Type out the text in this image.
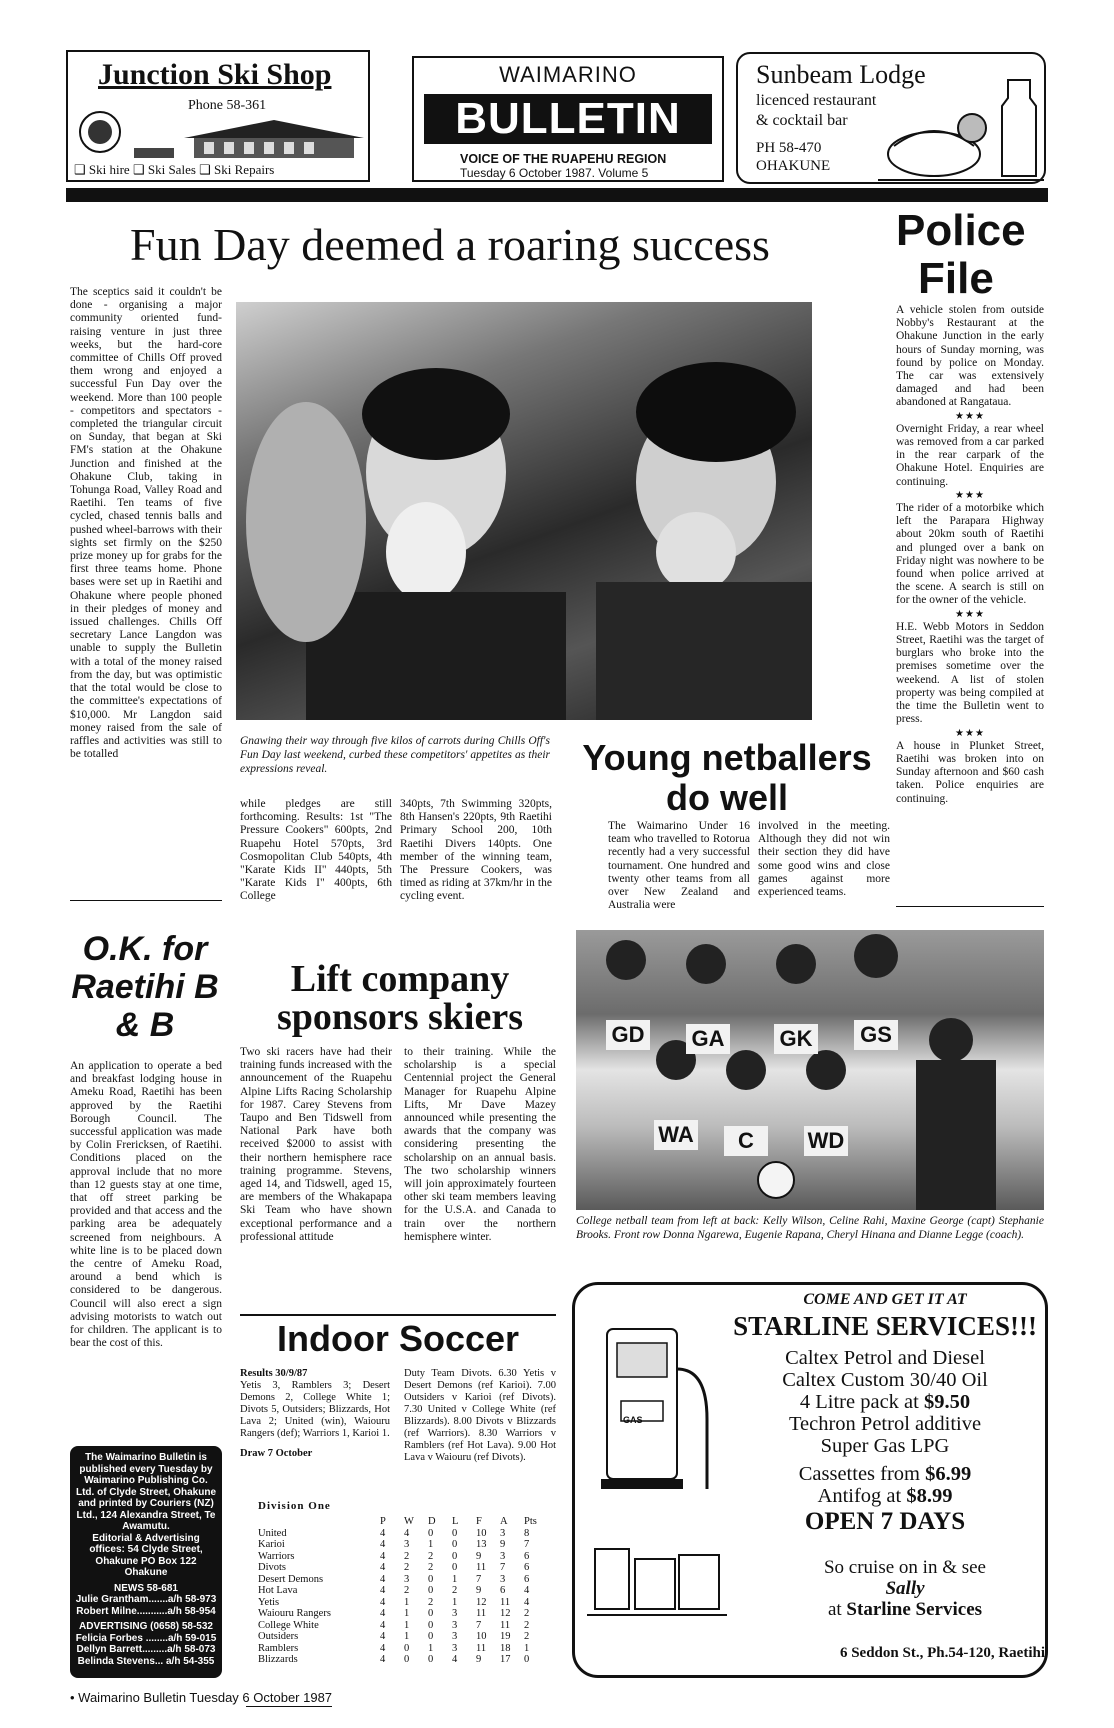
Junction Ski Shop
Phone 58-361
❑ Ski hire ❑ Ski Sales ❑ Ski Repairs
WAIMARINO
BULLETIN
VOICE OF THE RUAPEHU REGION
Tuesday 6 October 1987. Volume 5
Sunbeam Lodge
licenced restaurant
& cocktail bar
PH 58-470
OHAKUNE
Fun Day deemed a roaring success

The sceptics said it couldn't be done - organising a major community oriented fund-raising venture in just three weeks, but the hard-core committee of Chills Off proved them wrong and enjoyed a successful Fun Day over the weekend. More than 100 people - competitors and spectators - completed the triangular circuit on Sunday, that began at Ski FM's station at the Ohakune Junction and finished at the Ohakune Club, taking in Tohunga Road, Valley Road and Raetihi. Ten teams of five cycled, chased tennis balls and pushed wheel-barrows with their sights set firmly on the $250 prize money up for grabs for the first three teams home. Phone bases were set up in Raetihi and Ohakune where people phoned in their pledges of money and issued challenges. Chills Off secretary Lance Langdon was unable to supply the Bulletin with a total of the money raised from the day, but was optimistic that the total would be close to the committee's expectations of $10,000. Mr Langdon said money raised from the sale of raffles and activities was still to be totalled

Gnawing their way through five kilos of carrots during Chills Off's Fun Day last weekend, curbed these competitors' appetites as their expressions reveal.

while pledges are still forthcoming. Results: 1st "The Pressure Cookers" 600pts, 2nd Ruapehu Hotel 570pts, 3rd Cosmopolitan Club 540pts, 4th "Karate Kids II" 440pts, 5th "Karate Kids I" 400pts, 6th College

340pts, 7th Swimming 320pts, 8th Hansen's 220pts, 9th Raetihi Primary School 200, 10th Raetihi Divers 140pts. One member of the winning team, The Pressure Cookers, was timed as riding at 37km/hr in the cycling event.

Police
File

A vehicle stolen from outside Nobby's Restaurant at the Ohakune Junction in the early hours of Sunday morning, was found by police on Monday. The car was extensively damaged and had been abandoned at Rangataua.

★★★

Overnight Friday, a rear wheel was removed from a car parked in the rear carpark of the Ohakune Hotel. Enquiries are continuing.

★★★

The rider of a motorbike which left the Parapara Highway about 20km south of Raetihi and plunged over a bank on Friday night was nowhere to be found when police arrived at the scene. A search is still on for the owner of the vehicle.

★★★

H.E. Webb Motors in Seddon Street, Raetihi was the target of burglars who broke into the premises sometime over the weekend. A list of stolen property was being compiled at the time the Bulletin went to press.

★★★

A house in Plunket Street, Raetihi was broken into on Sunday afternoon and $60 cash taken. Police enquiries are continuing.

Young netballers do well

The Waimarino Under 16 team who travelled to Rotorua recently had a very successful tournament. One hundred and twenty other teams from all over New Zealand and Australia were

involved in the meeting. Although they did not win their section they did have some good wins and close games against more experienced teams.

GD GA	GK GS
WA	C	WD
College netball team from left at back: Kelly Wilson, Celine Rahi, Maxine George (capt) Stephanie Brooks. Front row Donna Ngarewa, Eugenie Rapana, Cheryl Hinana and Dianne Legge (coach).
O.K. for Raetihi B & B

An application to operate a bed and breakfast lodging house in Ameku Road, Raetihi has been approved by the Raetihi Borough Council. The successful application was made by Colin Frericksen, of Raetihi. Conditions placed on the approval include that no more than 12 guests stay at one time, that off street parking be provided and that access and the parking area be adequately screened from neighbours. A white line is to be placed down the centre of Ameku Road, around a bend which is considered to be dangerous. Council will also erect a sign advising motorists to watch out for children. The applicant is to bear the cost of this.

The Waimarino Bulletin is published every Tuesday by Waimarino Publishing Co. Ltd. of Clyde Street, Ohakune and printed by Couriers (NZ) Ltd., 124 Alexandra Street, Te Awamutu.
Editorial & Advertising offices: 54 Clyde Street, Ohakune PO Box 122 Ohakune
NEWS 58-681
Julie Grantham.......a/h 58-973
Robert Milne...........a/h 58-954
ADVERTISING (0658) 58-532
Felicia Forbes ........a/h 59-015
Dellyn Barrett.........a/h 58-073
Belinda Stevens... a/h 54-355
Lift company sponsors skiers

Two ski racers have had their training funds increased with the announcement of the Ruapehu Alpine Lifts Racing Scholarship for 1987. Carey Stevens from Taupo and Ben Tidswell from National Park have both received $2000 to assist with their northern hemisphere race training programme. Stevens, aged 14, and Tidswell, aged 15, are members of the Whakapapa Ski Team who have shown exceptional performance and a professional attitude

to their training. While the scholarship is a special Centennial project the General Manager for Ruapehu Alpine Lifts, Mr Dave Mazey announced while presenting the awards that the company was considering presenting the scholarship on an annual basis. The two scholarship winners will join approximately fourteen other ski team members leaving for the U.S.A. and Canada to train over the northern hemisphere winter.

Indoor Soccer
Results 30/9/87
Yetis 3, Ramblers 3; Desert Demons 2, College White 1; Divots 5, Outsiders; Blizzards, Hot Lava 2; United (win), Waiouru Rangers (def); Warriors 1, Karioi 1.
Draw 7 October
Duty Team Divots. 6.30 Yetis v Desert Demons (ref Karioi). 7.00 Outsiders v Karioi (ref Divots). 7.30 United v College White (ref Blizzards). 8.00 Divots v Blizzards (ref Warriors). 8.30 Warriors v Ramblers (ref Hot Lava). 9.00 Hot Lava v Waiouru (ref Divots).
Division One
	P	W	D	L	F	A	Pts
United	4	4	0	0	10	3	8
Karioi	4	3	1	0	13	9	7
Warriors	4	2	2	0	9	3	6
Divots	4	2	2	0	11	7	6
Desert Demons	4	3	0	1	7	3	6
Hot Lava	4	2	0	2	9	6	4
Yetis	4	1	2	1	12	11	4
Waiouru Rangers	4	1	0	3	11	12	2
College White	4	1	0	3	7	11	2
Outsiders	4	1	0	3	10	19	2
Ramblers	4	0	1	3	11	18	1
Blizzards	4	0	0	4	9	17	0
GAS
COME AND GET IT AT
STARLINE SERVICES!!!
Caltex Petrol and Diesel
Caltex Custom 30/40 Oil
4 Litre pack at $9.50
Techron Petrol additive
Super Gas LPG
Cassettes from $6.99
Antifog at $8.99
OPEN 7 DAYS
So cruise on in & see
Sally
at Starline Services
6 Seddon St., Ph.54-120, Raetihi
• Waimarino Bulletin Tuesday 6 October 1987
